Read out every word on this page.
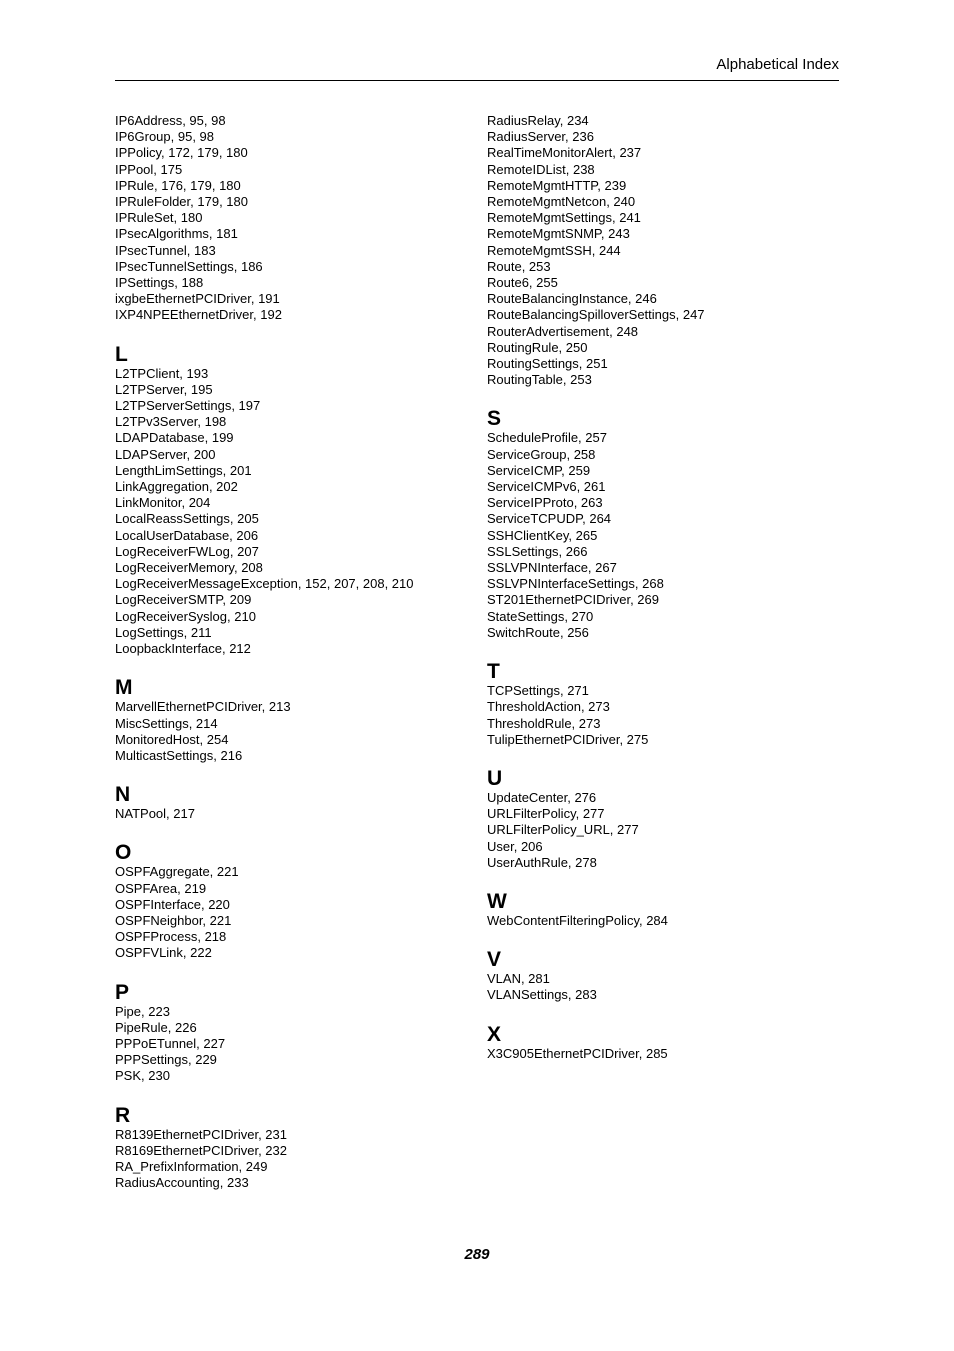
Alphabetical Index
IP6Address, 95, 98
IP6Group, 95, 98
IPPolicy, 172, 179, 180
IPPool, 175
IPRule, 176, 179, 180
IPRuleFolder, 179, 180
IPRuleSet, 180
IPsecAlgorithms, 181
IPsecTunnel, 183
IPsecTunnelSettings, 186
IPSettings, 188
ixgbeEthernetPCIDriver, 191
IXP4NPEEthernetDriver, 192
L
L2TPClient, 193
L2TPServer, 195
L2TPServerSettings, 197
L2TPv3Server, 198
LDAPDatabase, 199
LDAPServer, 200
LengthLimSettings, 201
LinkAggregation, 202
LinkMonitor, 204
LocalReassSettings, 205
LocalUserDatabase, 206
LogReceiverFWLog, 207
LogReceiverMemory, 208
LogReceiverMessageException, 152, 207, 208, 210
LogReceiverSMTP, 209
LogReceiverSyslog, 210
LogSettings, 211
LoopbackInterface, 212
M
MarvellEthernetPCIDriver, 213
MiscSettings, 214
MonitoredHost, 254
MulticastSettings, 216
N
NATPool, 217
O
OSPFAggregate, 221
OSPFArea, 219
OSPFInterface, 220
OSPFNeighbor, 221
OSPFProcess, 218
OSPFVLink, 222
P
Pipe, 223
PipeRule, 226
PPPoETunnel, 227
PPPSettings, 229
PSK, 230
R
R8139EthernetPCIDriver, 231
R8169EthernetPCIDriver, 232
RA_PrefixInformation, 249
RadiusAccounting, 233
RadiusRelay, 234
RadiusServer, 236
RealTimeMonitorAlert, 237
RemoteIDList, 238
RemoteMgmtHTTP, 239
RemoteMgmtNetcon, 240
RemoteMgmtSettings, 241
RemoteMgmtSNMP, 243
RemoteMgmtSSH, 244
Route, 253
Route6, 255
RouteBalancingInstance, 246
RouteBalancingSpilloverSettings, 247
RouterAdvertisement, 248
RoutingRule, 250
RoutingSettings, 251
RoutingTable, 253
S
ScheduleProfile, 257
ServiceGroup, 258
ServiceICMP, 259
ServiceICMPv6, 261
ServiceIPProto, 263
ServiceTCPUDP, 264
SSHClientKey, 265
SSLSettings, 266
SSLVPNInterface, 267
SSLVPNInterfaceSettings, 268
ST201EthernetPCIDriver, 269
StateSettings, 270
SwitchRoute, 256
T
TCPSettings, 271
ThresholdAction, 273
ThresholdRule, 273
TulipEthernetPCIDriver, 275
U
UpdateCenter, 276
URLFilterPolicy, 277
URLFilterPolicy_URL, 277
User, 206
UserAuthRule, 278
W
WebContentFilteringPolicy, 284
V
VLAN, 281
VLANSettings, 283
X
X3C905EthernetPCIDriver, 285
289
